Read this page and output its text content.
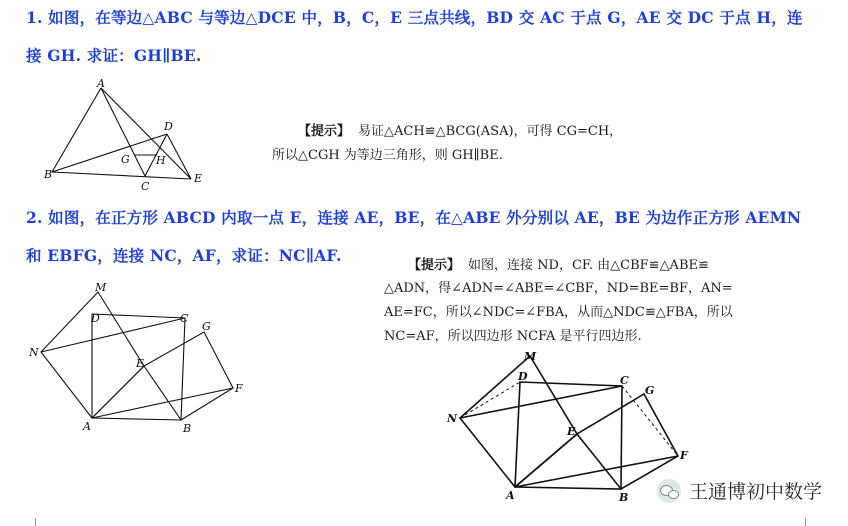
1. 如图，在等边△ABC 与等边△DCE 中，B，C，E 三点共线，BD 交 AC 于点 G，AE 交 DC 于点 H，连
接 GH. 求证：GH∥BE.
A
B
C
D
E
G H
【提示】 易证△ACH≌△BCG(ASA)，可得 CG=CH，
所以△CGH 为等边三角形，则 GH∥BE.
2. 如图，在正方形 ABCD 内取一点 E，连接 AE，BE，在△ABE 外分别以 AE，BE 为边作正方形 AEMN
和 EBFG，连接 NC，AF，求证：NC∥AF.
M
D	C
G
N
E
F
A	B
【提示】 如图，连接 ND，CF. 由△CBF≌△ABE≌
△ADN，得∠ADN=∠ABE=∠CBF，ND=BE=BF，AN=
AE=FC，所以∠NDC=∠FBA，从而△NDC≌△FBA，所以
NC=AF，所以四边形 NCFA 是平行四边形.
M
D	C
G
N
E
F
A	B	王通博初中数学
